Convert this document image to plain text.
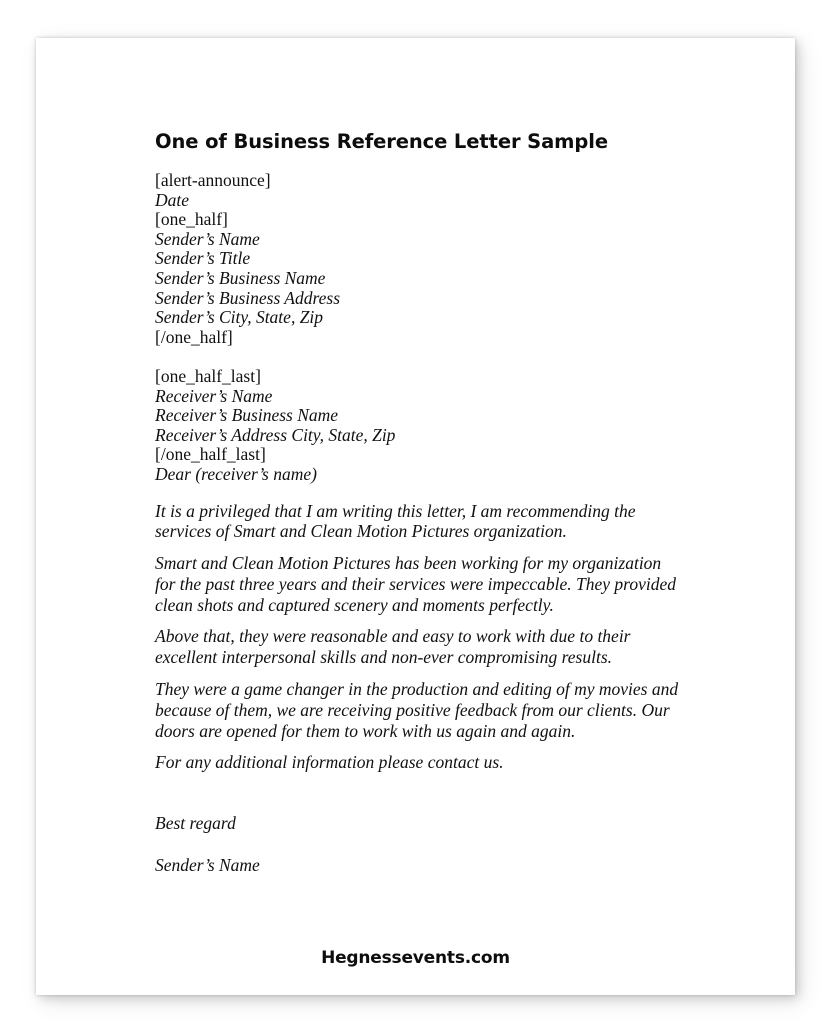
One of Business Reference Letter Sample
[alert-announce]
Date
[one_half]
Sender’s Name
Sender’s Title
Sender’s Business Name
Sender’s Business Address
Sender’s City, State, Zip
[/one_half]
[one_half_last]
Receiver’s Name
Receiver’s Business Name
Receiver’s Address City, State, Zip
[/one_half_last]
Dear (receiver’s name)

It is a privileged that I am writing this letter, I am recommending the services of Smart and Clean Motion Pictures organization.

Smart and Clean Motion Pictures has been working for my organization for the past three years and their services were impeccable. They provided clean shots and captured scenery and moments perfectly.

Above that, they were reasonable and easy to work with due to their excellent interpersonal skills and non-ever compromising results.

They were a game changer in the production and editing of my movies and because of them, we are receiving positive feedback from our clients. Our doors are opened for them to work with us again and again.

For any additional information please contact us.

Best regard
Sender’s Name
Hegnessevents.com
